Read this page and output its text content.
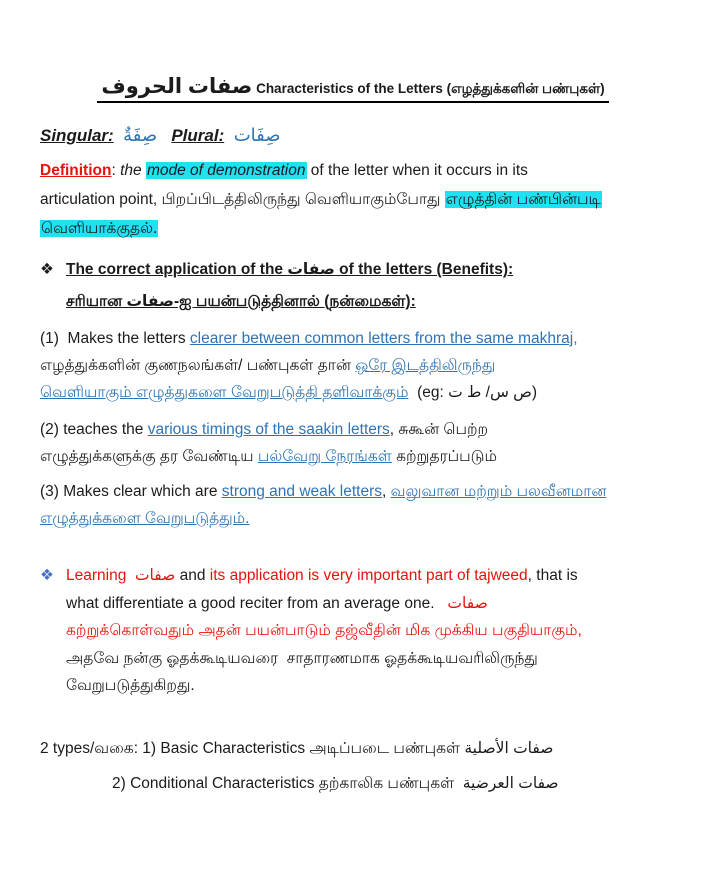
صفات الحروف Characteristics of the Letters (எழத்துக்களின் பண்புகள்)
Singular: صِفَةٌ Plural: صِفَات
Definition: the mode of demonstration of the letter when it occurs in its
articulation point, பிறப்பிடத்திலிருந்து வெளியாகும்போது எழுத்தின் பண்பின்படி
வெளியாக்குதல்.
❖ The correct application of the صفات of the letters (Benefits):
சரியான صفات-ஐ பயன்படுத்தினால் (நன்மைகள்):
(1)  Makes the letters clearer between common letters from the same makhraj,
எழத்துக்களின் குணநலங்கள்/ பண்புகள் தான் ஒரே இடத்திலிருந்து
வெளியாகும் எழுத்துகளை வேறுபடுத்தி தளிவாக்கும்  (eg: ص س/ ط ت)
(2) teaches the various timings of the saakin letters, சுகூன் பெற்ற
எழுத்துக்களுக்கு தர வேண்டிய பல்வேறு நேரங்கள் கற்றுதரப்படும்
(3) Makes clear which are strong and weak letters, வலுவான மற்றும் பலவீனமான
எழுத்துக்களை வேறுபடுத்தும்.
❖ Learning  صفات and its application is very important part of tajweed, that is
what differentiate a good reciter from an average one.   صفات
கற்றுக்கொள்வதும் அதன் பயன்பாடும் தஜ்வீதின் மிக முக்கிய பகுதியாகும்,
அதவே நன்கு ஓதக்கூடியவரை  சாதாரணமாக ஓதக்கூடியவரிலிருந்து
வேறுபடுத்துகிறது.
2 types/வகை: 1) Basic Characteristics அடிப்படை பண்புகள் صفات الأصلية
2) Conditional Characteristics தற்காலிக பண்புகள்  صفات العرضية
